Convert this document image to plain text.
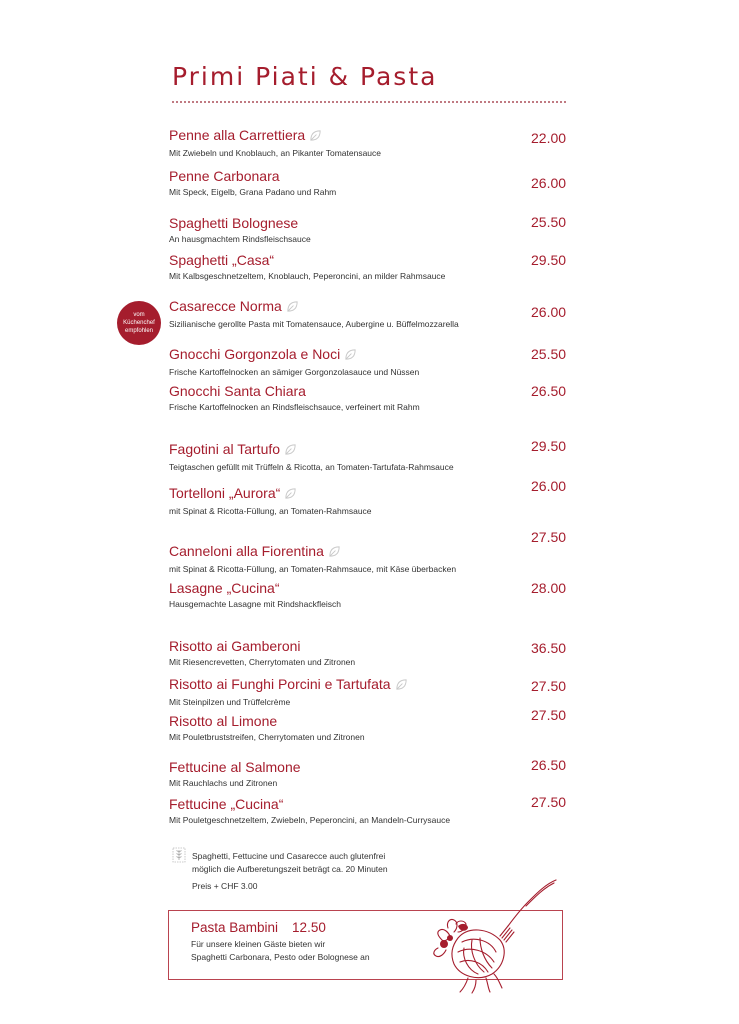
Primi Piati & Pasta
vom Küchenchef empfohlen
Penne alla Carrettiera
Mit Zwiebeln und Knoblauch, an Pikanter Tomatensauce
22.00
Penne Carbonara
Mit Speck, Eigelb, Grana Padano und Rahm
26.00
Spaghetti Bolognese
An hausgmachtem Rindsfleischsauce
25.50
Spaghetti „Casa“
Mit Kalbsgeschnetzeltem, Knoblauch, Peperoncini, an milder Rahmsauce
29.50
Casarecce Norma
Sizilianische gerollte Pasta mit Tomatensauce, Aubergine u. Büffelmozzarella
26.00
Gnocchi Gorgonzola e Noci
Frische Kartoffelnocken an sämiger Gorgonzolasauce und Nüssen
25.50
Gnocchi Santa Chiara
Frische Kartoffelnocken an Rindsfleischsauce, verfeinert mit Rahm
26.50
Fagotini al Tartufo
Teigtaschen gefüllt mit Trüffeln & Ricotta, an Tomaten-Tartufata-Rahmsauce
29.50
Tortelloni „Aurora“
mit Spinat & Ricotta-Füllung, an Tomaten-Rahmsauce
26.00
Canneloni alla Fiorentina
mit Spinat & Ricotta-Füllung, an Tomaten-Rahmsauce, mit Käse überbacken
27.50
Lasagne „Cucina“
Hausgemachte Lasagne mit Rindshackfleisch
28.00
Risotto ai Gamberoni
Mit Riesencrevetten, Cherrytomaten und Zitronen
36.50
Risotto ai Funghi Porcini e Tartufata
Mit Steinpilzen und Trüffelcrème
27.50
Risotto al Limone
Mit Pouletbruststreifen, Cherrytomaten und Zitronen
27.50
Fettucine al Salmone
Mit Rauchlachs und Zitronen
26.50
Fettucine „Cucina“
Mit Pouletgeschnetzeltem, Zwiebeln, Peperoncini, an Mandeln-Currysauce
27.50
Spaghetti, Fettucine und Casarecce auch glutenfrei
möglich die Aufberetungszeit beträgt ca. 20 Minuten
Preis + CHF 3.00
Pasta Bambini 12.50
Für unsere kleinen Gäste bieten wir
Spaghetti Carbonara, Pesto oder Bolognese an
